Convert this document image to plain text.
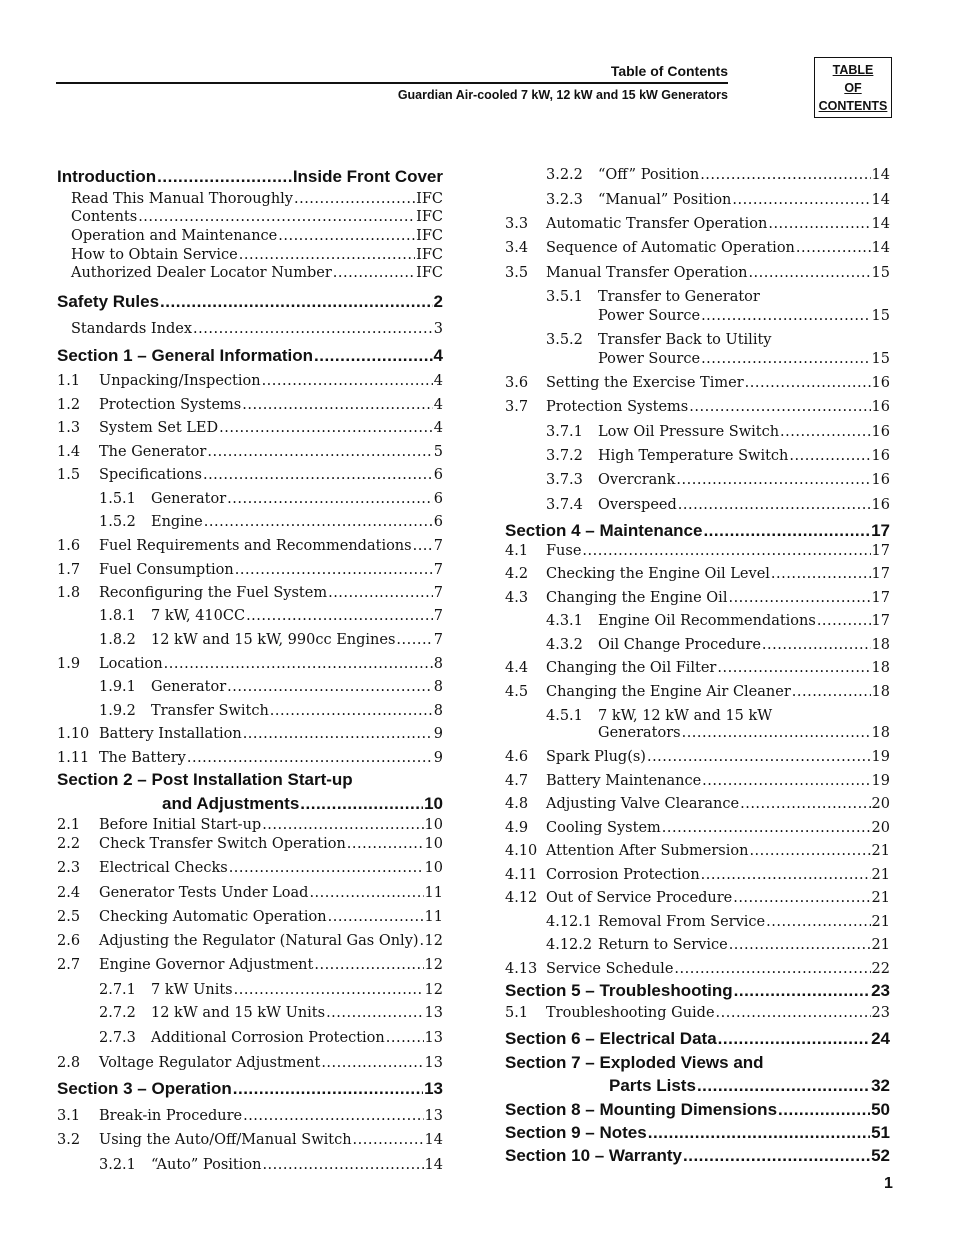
Table of Contents
Guardian Air-cooled 7 kW, 12 kW and 15 kW Generators
TABLE
OF
CONTENTS
Introduction .....	Inside Front Cover
Read This Manual Thoroughly .....	IFC
Contents .....	IFC
Operation and Maintenance .....	IFC
How to Obtain Service .....	IFC
Authorized Dealer Locator Number .....	IFC
Safety Rules .....	2
Standards Index .....	3
Section 1 – General Information .....	4
1.1	Unpacking/Inspection .....	4
1.2	Protection Systems .....	4
1.3	System Set LED .....	4
1.4	The Generator .....	5
1.5	Specifications .....	6
1.5.1	Generator .....	6
1.5.2	Engine .....	6
1.6	Fuel Requirements and Recommendations ..... 7
1.7	Fuel Consumption .....	7
1.8	Reconfiguring the Fuel System .....	7
1.8.1	7 kW, 410CC .....	7
1.8.2	12 kW and 15 kW, 990cc Engines .....	7
1.9	Location .....	8
1.9.1	Generator .....	8
1.9.2	Transfer Switch .....	8
1.10 Battery Installation .....	9
1.11 The Battery .....	9
Section 2 – Post Installation Start-up
and Adjustments .....	10
2.1	Before Initial Start-up .....	10
2.2	Check Transfer Switch Operation .....	10
2.3	Electrical Checks .....	10
2.4	Generator Tests Under Load .....	11
2.5	Checking Automatic Operation .....	11
2.6	Adjusting the Regulator (Natural Gas Only) ..... 12
2.7	Engine Governor Adjustment .....	12
2.7.1	7 kW Units .....	12
2.7.2	12 kW and 15 kW Units .....	13
2.7.3	Additional Corrosion Protection .....	13
2.8	Voltage Regulator Adjustment .....	13
Section 3 – Operation .....	13
3.1	Break-in Procedure .....	13
3.2	Using the Auto/Off/Manual Switch .....	14
3.2.1	“Auto” Position .....	14
3.2.2	“Off” Position .....	14
3.2.3	“Manual” Position .....	14
3.3	Automatic Transfer Operation .....	14
3.4	Sequence of Automatic Operation .....	14
3.5	Manual Transfer Operation .....	15
3.5.1	Transfer to Generator
Power Source .....	15
3.5.2	Transfer Back to Utility
Power Source .....	15
3.6	Setting the Exercise Timer .....	16
3.7	Protection Systems .....	16
3.7.1	Low Oil Pressure Switch .....	16
3.7.2	High Temperature Switch .....	16
3.7.3	Overcrank .....	16
3.7.4	Overspeed .....	16
Section 4 – Maintenance .....	17
4.1	Fuse .....	17
4.2	Checking the Engine Oil Level .....	17
4.3	Changing the Engine Oil .....	17
4.3.1	Engine Oil Recommendations .....	17
4.3.2	Oil Change Procedure .....	18
4.4	Changing the Oil Filter .....	18
4.5	Changing the Engine Air Cleaner .....	18
4.5.1	7 kW, 12 kW and 15 kW
Generators .....	18
4.6	Spark Plug(s) .....	19
4.7	Battery Maintenance .....	19
4.8	Adjusting Valve Clearance .....	20
4.9	Cooling System .....	20
4.10 Attention After Submersion .....	21
4.11 Corrosion Protection .....	21
4.12 Out of Service Procedure .....	21
4.12.1 Removal From Service .....	21
4.12.2 Return to Service .....	21
4.13 Service Schedule .....	22
Section 5 – Troubleshooting .....	23
5.1	Troubleshooting Guide .....	23
Section 6 – Electrical Data .....	24
Section 7 – Exploded Views and
Parts Lists .....	32
Section 8 – Mounting Dimensions .....	50
Section 9 – Notes .....	51
Section 10 – Warranty .....	52
1
